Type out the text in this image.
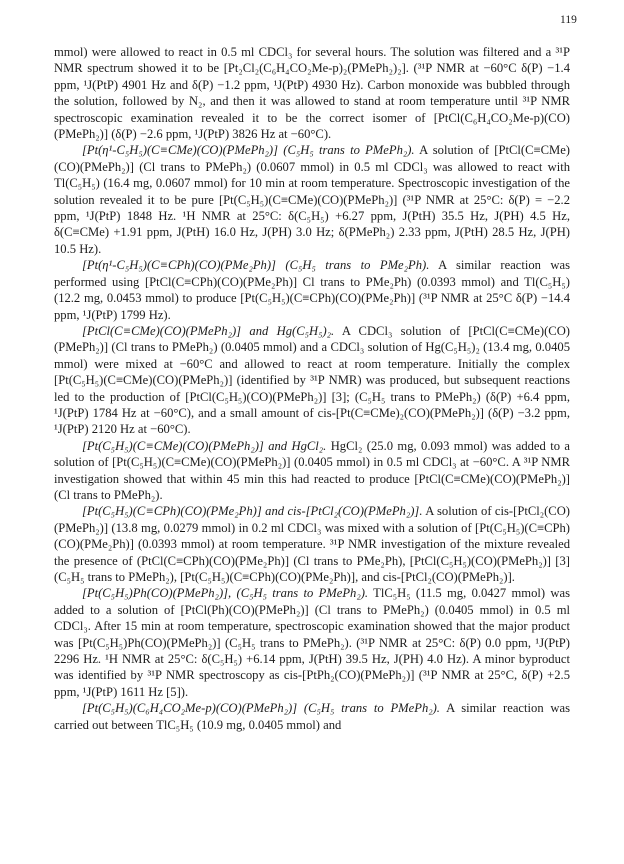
119

mmol) were allowed to react in 0.5 ml CDCl₃ for several hours. The solution was filtered and a ³¹P NMR spectrum showed it to be [Pt₂Cl₂(C₆H₄CO₂Me-p)₂(PMePh₂)₂]. (³¹P NMR at −60°C δ(P) −1.4 ppm, ¹J(PtP) 4901 Hz and δ(P) −1.2 ppm, ¹J(PtP) 4930 Hz). Carbon monoxide was bubbled through the solution, followed by N₂, and then it was allowed to stand at room temperature until ³¹P NMR spectroscopic examination revealed it to be the correct isomer of [PtCl(C₆H₄CO₂Me-p)(CO)(PMePh₂)] (δ(P) −2.6 ppm, ¹J(PtP) 3826 Hz at −60°C).

[Pt(η¹-C₅H₅)(C≡CMe)(CO)(PMePh₂)] (C₅H₅ trans to PMePh₂). A solution of [PtCl(C≡CMe)(CO)(PMePh₂)] (Cl trans to PMePh₂) (0.0607 mmol) in 0.5 ml CDCl₃ was allowed to react with Tl(C₅H₅) (16.4 mg, 0.0607 mmol) for 10 min at room temperature. Spectroscopic investigation of the solution revealed it to be pure [Pt(C₅H₅)(C≡CMe)(CO)(PMePh₂)] (³¹P NMR at 25°C: δ(P) = −2.2 ppm, ¹J(PtP) 1848 Hz. ¹H NMR at 25°C: δ(C₅H₅) +6.27 ppm, J(PtH) 35.5 Hz, J(PH) 4.5 Hz, δ(C≡CMe) +1.91 ppm, J(PtH) 16.0 Hz, J(PH) 3.0 Hz; δ(PMePh₂) 2.33 ppm, J(PtH) 28.5 Hz, J(PH) 10.5 Hz).

[Pt(η¹-C₅H₅)(C≡CPh)(CO)(PMe₂Ph)] (C₅H₅ trans to PMe₂Ph). A similar reaction was performed using [PtCl(C≡CPh)(CO)(PMe₂Ph)] Cl trans to PMe₂Ph) (0.0393 mmol) and Tl(C₅H₅) (12.2 mg, 0.0453 mmol) to produce [Pt(C₅H₅)(C≡CPh)(CO)(PMe₂Ph)] (³¹P NMR at 25°C δ(P) −14.4 ppm, ¹J(PtP) 1799 Hz).

[PtCl(C≡CMe)(CO)(PMePh₂)] and Hg(C₅H₅)₂. A CDCl₃ solution of [PtCl(C≡CMe)(CO)(PMePh₂)] (Cl trans to PMePh₂) (0.0405 mmol) and a CDCl₃ solution of Hg(C₅H₅)₂ (13.4 mg, 0.0405 mmol) were mixed at −60°C and allowed to react at room temperature. Initially the complex [Pt(C₅H₅)(C≡CMe)(CO)(PMePh₂)] (identified by ³¹P NMR) was produced, but subsequent reactions led to the production of [PtCl(C₅H₅)(CO)(PMePh₂)] [3]; (C₅H₅ trans to PMePh₂) (δ(P) +6.4 ppm, ¹J(PtP) 1784 Hz at −60°C), and a small amount of cis-[Pt(C≡CMe)₂(CO)(PMePh₂)] (δ(P) −3.2 ppm, ¹J(PtP) 2120 Hz at −60°C).

[Pt(C₅H₅)(C≡CMe)(CO)(PMePh₂)] and HgCl₂. HgCl₂ (25.0 mg, 0.093 mmol) was added to a solution of [Pt(C₅H₅)(C≡CMe)(CO)(PMePh₂)] (0.0405 mmol) in 0.5 ml CDCl₃ at −60°C. A ³¹P NMR investigation showed that within 45 min this had reacted to produce [PtCl(C≡CMe)(CO)(PMePh₂)] (Cl trans to PMePh₂).

[Pt(C₅H₅)(C≡CPh)(CO)(PMe₂Ph)] and cis-[PtCl₂(CO)(PMePh₂)]. A solution of cis-[PtCl₂(CO)(PMePh₂)] (13.8 mg, 0.0279 mmol) in 0.2 ml CDCl₃ was mixed with a solution of [Pt(C₅H₅)(C≡CPh)(CO)(PMe₂Ph)] (0.0393 mmol) at room temperature. ³¹P NMR investigation of the mixture revealed the presence of (PtCl(C≡CPh)(CO)(PMe₂Ph)] (Cl trans to PMe₂Ph), [PtCl(C₅H₅)(CO)(PMePh₂)] [3] (C₅H₅ trans to PMePh₂), [Pt(C₅H₅)(C≡CPh)(CO)(PMe₂Ph)], and cis-[PtCl₂(CO)(PMePh₂)].

[Pt(C₅H₅)Ph(CO)(PMePh₂)], (C₅H₅ trans to PMePh₂). TlC₅H₅ (11.5 mg, 0.0427 mmol) was added to a solution of [PtCl(Ph)(CO)(PMePh₂)] (Cl trans to PMePh₂) (0.0405 mmol) in 0.5 ml CDCl₃. After 15 min at room temperature, spectroscopic examination showed that the major product was [Pt(C₅H₅)Ph(CO)(PMePh₂)] (C₅H₅ trans to PMePh₂). (³¹P NMR at 25°C: δ(P) 0.0 ppm, ¹J(PtP) 2296 Hz. ¹H NMR at 25°C: δ(C₅H₅) +6.14 ppm, J(PtH) 39.5 Hz, J(PH) 4.0 Hz). A minor byproduct was identified by ³¹P NMR spectroscopy as cis-[PtPh₂(CO)(PMePh₂)] (³¹P NMR at 25°C, δ(P) +2.5 ppm, ¹J(PtP) 1611 Hz [5]).

[Pt(C₅H₅)(C₆H₄CO₂Me-p)(CO)(PMePh₂)] (C₅H₅ trans to PMePh₂). A similar reaction was carried out between TlC₅H₅ (10.9 mg, 0.0405 mmol) and
